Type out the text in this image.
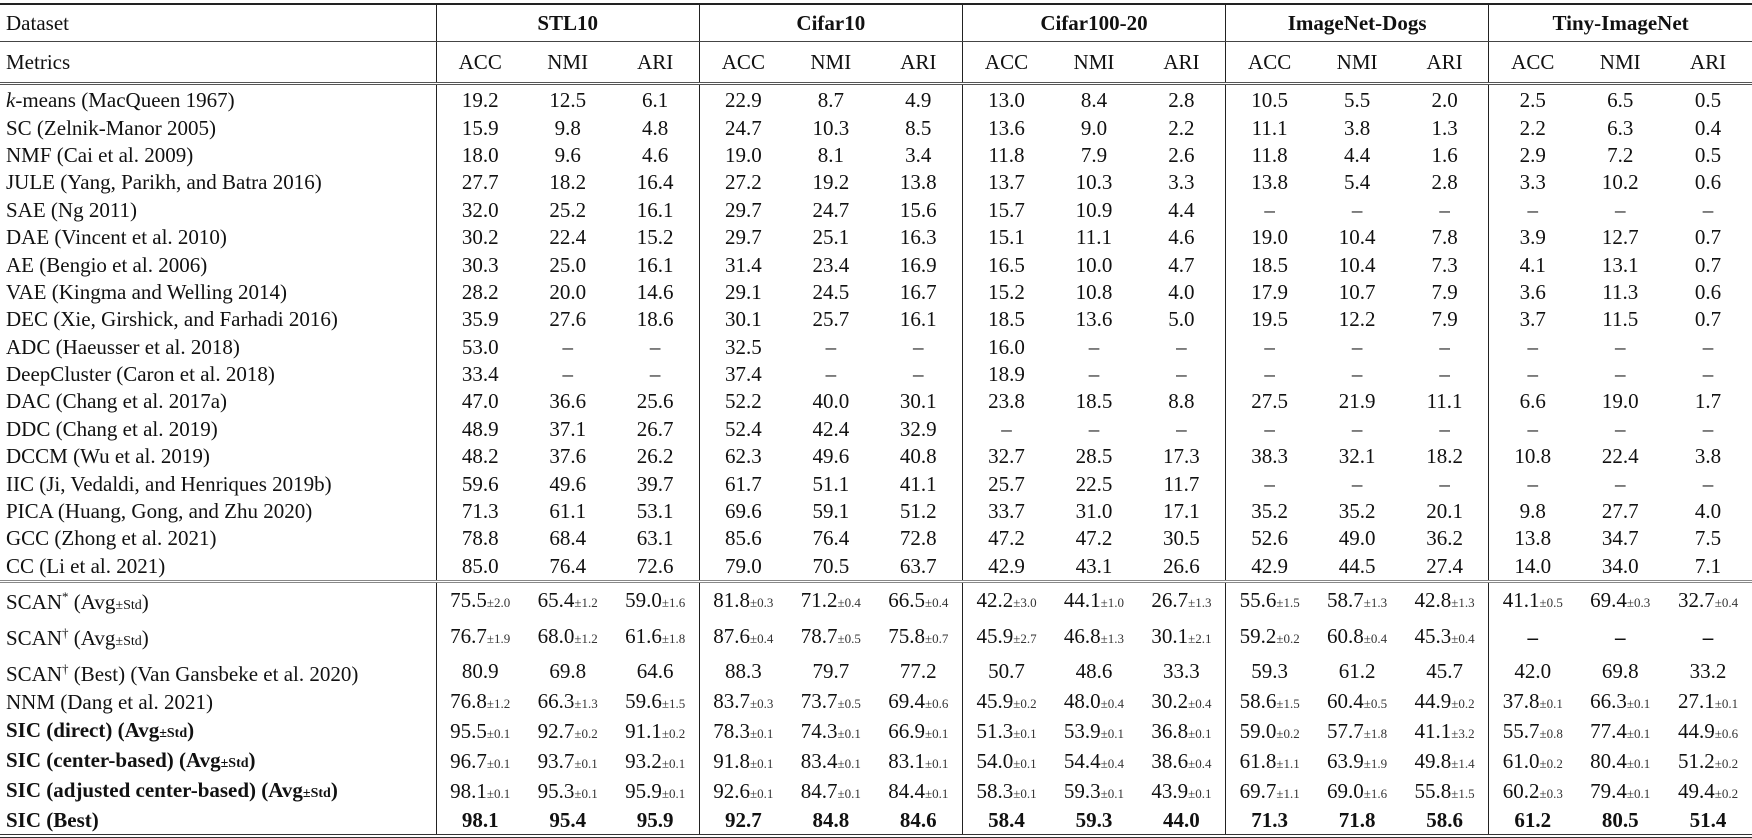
Dataset	STL10			Cifar10			Cifar100-20			ImageNet-Dogs			Tiny-ImageNet		
Metrics	ACC	NMI	ARI	ACC	NMI	ARI	ACC	NMI	ARI	ACC	NMI	ARI	ACC	NMI	ARI
k-means (MacQueen 1967)	19.2	12.5	6.1	22.9	8.7	4.9	13.0	8.4	2.8	10.5	5.5	2.0	2.5	6.5	0.5
SC (Zelnik-Manor 2005)	15.9	9.8	4.8	24.7	10.3	8.5	13.6	9.0	2.2	11.1	3.8	1.3	2.2	6.3	0.4
NMF (Cai et al. 2009)	18.0	9.6	4.6	19.0	8.1	3.4	11.8	7.9	2.6	11.8	4.4	1.6	2.9	7.2	0.5
JULE (Yang, Parikh, and Batra 2016)	27.7	18.2	16.4	27.2	19.2	13.8	13.7	10.3	3.3	13.8	5.4	2.8	3.3	10.2	0.6
SAE (Ng 2011)	32.0	25.2	16.1	29.7	24.7	15.6	15.7	10.9	4.4	–	–	–	–	–	–
DAE (Vincent et al. 2010)	30.2	22.4	15.2	29.7	25.1	16.3	15.1	11.1	4.6	19.0	10.4	7.8	3.9	12.7	0.7
AE (Bengio et al. 2006)	30.3	25.0	16.1	31.4	23.4	16.9	16.5	10.0	4.7	18.5	10.4	7.3	4.1	13.1	0.7
VAE (Kingma and Welling 2014)	28.2	20.0	14.6	29.1	24.5	16.7	15.2	10.8	4.0	17.9	10.7	7.9	3.6	11.3	0.6
DEC (Xie, Girshick, and Farhadi 2016)	35.9	27.6	18.6	30.1	25.7	16.1	18.5	13.6	5.0	19.5	12.2	7.9	3.7	11.5	0.7
ADC (Haeusser et al. 2018)	53.0	–	–	32.5	–	–	16.0	–	–	–	–	–	–	–	–
DeepCluster (Caron et al. 2018)	33.4	–	–	37.4	–	–	18.9	–	–	–	–	–	–	–	–
DAC (Chang et al. 2017a)	47.0	36.6	25.6	52.2	40.0	30.1	23.8	18.5	8.8	27.5	21.9	11.1	6.6	19.0	1.7
DDC (Chang et al. 2019)	48.9	37.1	26.7	52.4	42.4	32.9	–	–	–	–	–	–	–	–	–
DCCM (Wu et al. 2019)	48.2	37.6	26.2	62.3	49.6	40.8	32.7	28.5	17.3	38.3	32.1	18.2	10.8	22.4	3.8
IIC (Ji, Vedaldi, and Henriques 2019b)	59.6	49.6	39.7	61.7	51.1	41.1	25.7	22.5	11.7	–	–	–	–	–	–
PICA (Huang, Gong, and Zhu 2020)	71.3	61.1	53.1	69.6	59.1	51.2	33.7	31.0	17.1	35.2	35.2	20.1	9.8	27.7	4.0
GCC (Zhong et al. 2021)	78.8	68.4	63.1	85.6	76.4	72.8	47.2	47.2	30.5	52.6	49.0	36.2	13.8	34.7	7.5
CC (Li et al. 2021)	85.0	76.4	72.6	79.0	70.5	63.7	42.9	43.1	26.6	42.9	44.5	27.4	14.0	34.0	7.1
SCAN* (Avg±Std)	75.5±2.0	65.4±1.2	59.0±1.6	81.8±0.3	71.2±0.4	66.5±0.4	42.2±3.0	44.1±1.0	26.7±1.3	55.6±1.5	58.7±1.3	42.8±1.3	41.1±0.5	69.4±0.3	32.7±0.4
SCAN† (Avg±Std)	76.7±1.9	68.0±1.2	61.6±1.8	87.6±0.4	78.7±0.5	75.8±0.7	45.9±2.7	46.8±1.3	30.1±2.1	59.2±0.2	60.8±0.4	45.3±0.4	–	–	–
SCAN† (Best) (Van Gansbeke et al. 2020)	80.9	69.8	64.6	88.3	79.7	77.2	50.7	48.6	33.3	59.3	61.2	45.7	42.0	69.8	33.2
NNM (Dang et al. 2021)	76.8±1.2	66.3±1.3	59.6±1.5	83.7±0.3	73.7±0.5	69.4±0.6	45.9±0.2	48.0±0.4	30.2±0.4	58.6±1.5	60.4±0.5	44.9±0.2	37.8±0.1	66.3±0.1	27.1±0.1
SIC (direct) (Avg±Std)	95.5±0.1	92.7±0.2	91.1±0.2	78.3±0.1	74.3±0.1	66.9±0.1	51.3±0.1	53.9±0.1	36.8±0.1	59.0±0.2	57.7±1.8	41.1±3.2	55.7±0.8	77.4±0.1	44.9±0.6
SIC (center-based) (Avg±Std)	96.7±0.1	93.7±0.1	93.2±0.1	91.8±0.1	83.4±0.1	83.1±0.1	54.0±0.1	54.4±0.4	38.6±0.4	61.8±1.1	63.9±1.9	49.8±1.4	61.0±0.2	80.4±0.1	51.2±0.2
SIC (adjusted center-based) (Avg±Std)	98.1±0.1	95.3±0.1	95.9±0.1	92.6±0.1	84.7±0.1	84.4±0.1	58.3±0.1	59.3±0.1	43.9±0.1	69.7±1.1	69.0±1.6	55.8±1.5	60.2±0.3	79.4±0.1	49.4±0.2
SIC (Best)	98.1	95.4	95.9	92.7	84.8	84.6	58.4	59.3	44.0	71.3	71.8	58.6	61.2	80.5	51.4
